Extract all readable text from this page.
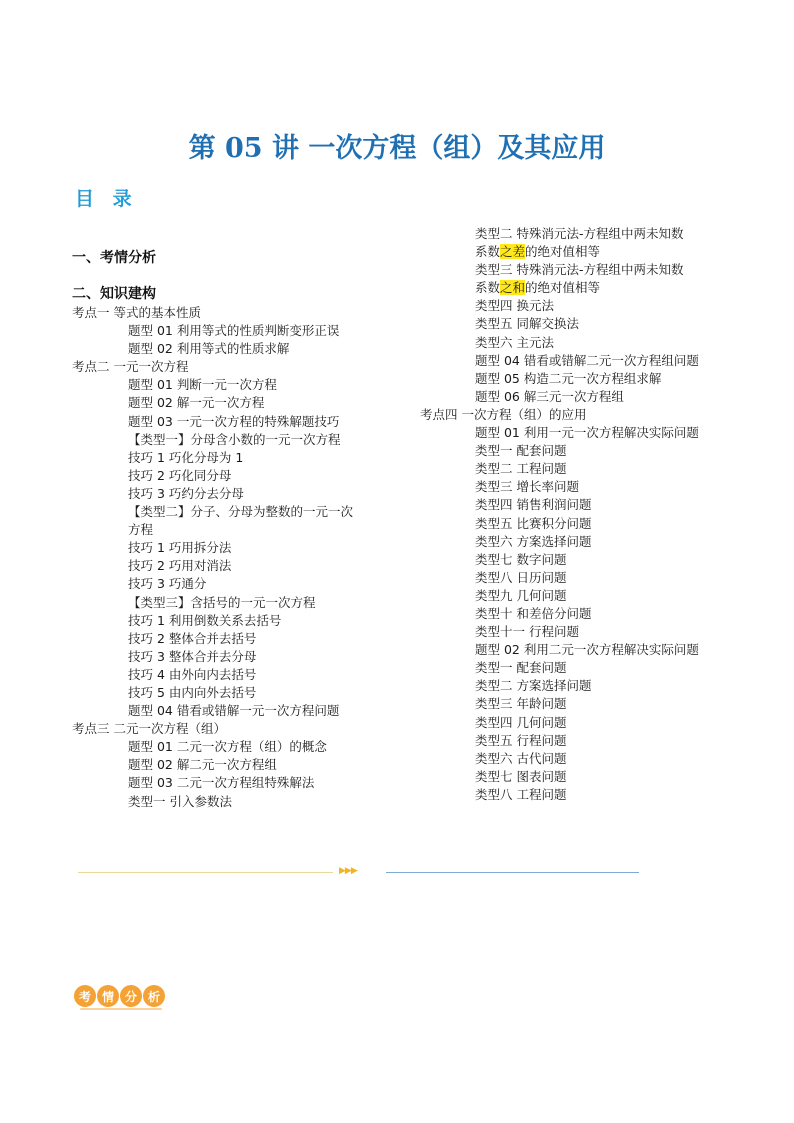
第 05 讲 一次方程（组）及其应用
目 录
一、考情分析
二、知识建构
考点一 等式的基本性质
题型 01 利用等式的性质判断变形正误
题型 02 利用等式的性质求解
考点二 一元一次方程
题型 01 判断一元一次方程
题型 02 解一元一次方程
题型 03 一元一次方程的特殊解题技巧
【类型一】分母含小数的一元一次方程
技巧 1 巧化分母为 1
技巧 2 巧化同分母
技巧 3 巧约分去分母
【类型二】分子、分母为整数的一元一次
方程
技巧 1 巧用拆分法
技巧 2 巧用对消法
技巧 3 巧通分
【类型三】含括号的一元一次方程
技巧 1 利用倒数关系去括号
技巧 2 整体合并去括号
技巧 3 整体合并去分母
技巧 4 由外向内去括号
技巧 5 由内向外去括号
题型 04 错看或错解一元一次方程问题
考点三 二元一次方程（组）
题型 01 二元一次方程（组）的概念
题型 02 解二元一次方程组
题型 03 二元一次方程组特殊解法
类型一 引入参数法
类型二 特殊消元法-方程组中两未知数
系数之差的绝对值相等
类型三 特殊消元法-方程组中两未知数
系数之和的绝对值相等
类型四 换元法
类型五 同解交换法
类型六 主元法
题型 04 错看或错解二元一次方程组问题
题型 05 构造二元一次方程组求解
题型 06 解三元一次方程组
考点四 一次方程（组）的应用
题型 01 利用一元一次方程解决实际问题
类型一 配套问题
类型二 工程问题
类型三 增长率问题
类型四 销售利润问题
类型五 比赛积分问题
类型六 方案选择问题
类型七 数字问题
类型八 日历问题
类型九 几何问题
类型十 和差倍分问题
类型十一 行程问题
题型 02 利用二元一次方程解决实际问题
类型一 配套问题
类型二 方案选择问题
类型三 年龄问题
类型四 几何问题
类型五 行程问题
类型六 古代问题
类型七 图表问题
类型八 工程问题
▶▶▶
考 情 分 析
